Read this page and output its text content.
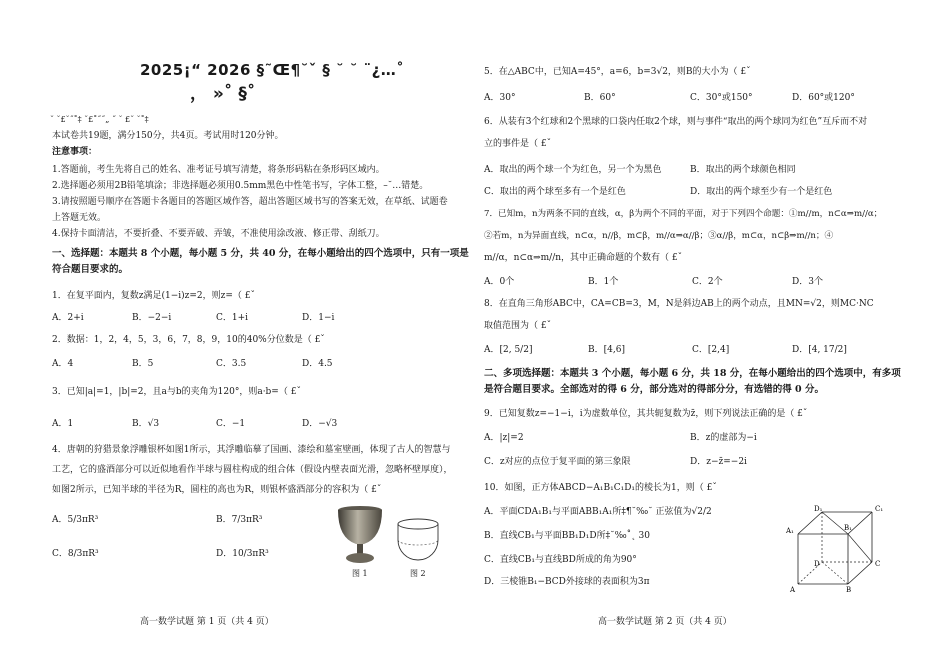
2025¡“ 2026 §˜Œ¶˘ˇ § ˘ ˘ ¨¿…˚
， »˚ §˚
˘ ˘£˘˝˚‡ ˘£˚˝˝„ ˝ ˘ £˘ ˘˚‡
本试卷共19题，满分150分，共4页。考试用时120分钟。
注意事项：
1.答题前，考生先将自己的姓名、准考证号填写清楚，将条形码粘在条形码区域内。
2.选择题必须用2B铅笔填涂；非选择题必须用0.5mm黑色中性笔书写，字体工整，–˘…错楚。
3.请按照题号顺序在答题卡各题目的答题区域作答，超出答题区域书写的答案无效，在草纸、试题卷
上答题无效。
4.保持卡面清洁，不要折叠、不要弄破、弄皱，不准使用涂改液、修正带、刮纸刀。
一、选择题：本题共 8 个小题，每小题 5 分，共 40 分，在每小题给出的四个选项中，只有一项是
符合题目要求的。
1．在复平面内，复数z满足(1−i)z=2，则z=（ £ˇ
A．2+i	B．−2−i	C．1+i	D．1−i
2．数据：1，2，4，5，3，6，7，8，9，10的40%分位数是（ £ˇ
A．4	B．5	C．3.5	D．4.5
3．已知|a|=1，|b|=2，且a与b的夹角为120°，则a·b=（ £ˇ
A．1	B．√3	C．−1	D．−√3
4．唐朝的狩猎景象浮雕银杯如图1所示，其浮雕临摹了国画、漆绘和墓室壁画，体现了古人的智慧与
工艺，它的盛酒部分可以近似地看作半球与圆柱构成的组合体（假设内壁表面光滑，忽略杯壁厚度），
如图2所示，已知半球的半径为R，圆柱的高也为R，则银杯盛酒部分的容积为（ £ˇ
A．5/3πR³	B．7/3πR³
C．8/3πR³	D．10/3πR³
图 1	图 2
高一数学试题 第 1 页（共 4 页）
5．在△ABC中，已知A=45°，a=6，b=3√2，则B的大小为（ £ˇ
A．30°	B．60°	C．30°或150°	D．60°或120°
6．从装有3个红球和2个黑球的口袋内任取2个球，则与事件“取出的两个球同为红色”互斥而不对
立的事件是（ £ˇ
A．取出的两个球一个为红色，另一个为黑色	B．取出的两个球颜色相同
C．取出的两个球至多有一个是红色	D．取出的两个球至少有一个是红色
7．已知m，n为两条不同的直线，α，β为两个不同的平面，对于下列四个命题：①m//m，n⊂α⇒m//α；
②若m，n为异面直线，n⊂α，n//β，m⊂β，m//α⇒α//β；③α//β，m⊂α，n⊂β⇒m//n；④
m//α，n⊂α⇒m//n，其中正确命题的个数有（ £ˇ
A．0个	B．1个	C．2个	D．3个
8．在直角三角形ABC中，CA=CB=3，M，N是斜边AB上的两个动点，且MN=√2，则MC·NC
取值范围为（ £ˇ
A．[2, 5/2]	B．[4,6]	C．[2,4]	D．[4, 17/2]
二、多项选择题：本题共 3 个小题，每小题 6 分，共 18 分，在每小题给出的四个选项中，有多项
是符合题目要求。全部选对的得 6 分，部分选对的得部分分，有选错的得 0 分。
9．已知复数z=−1−i，i为虚数单位，其共轭复数为z̄，则下列说法正确的是（ £ˇ
A．|z|=2	B．z的虚部为−i
C．z对应的点位于复平面的第三象限	D．z−z̄=−2i
10．如图，正方体ABCD−A₁B₁C₁D₁的棱长为1，则（ £ˇ
A．平面CDA₁B₁与平面ABB₁A₁所‡¶˘‰˘ 正弦值为√2/2
B．直线CB₁与平面BB₁D₁D所‡˘‰˚˛ 30
C．直线CB₁与直线BD所成的角为90°
D．三棱锥B₁−BCD外接球的表面积为3π
D₁	C₁
A₁	B₁
D	C
A	B
高一数学试题 第 2 页（共 4 页）
